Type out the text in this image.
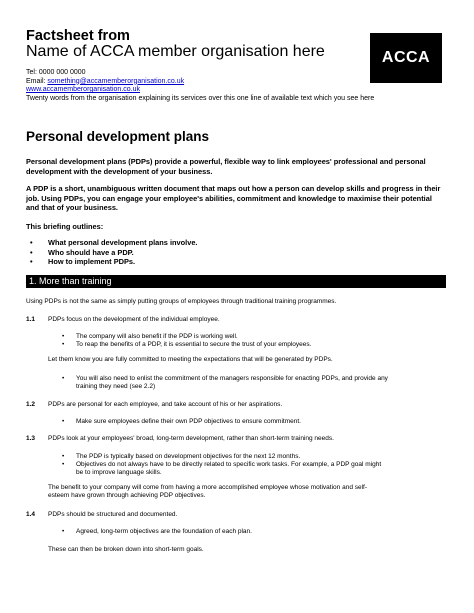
Factsheet from
Name of ACCA member organisation here	ACCA
Tel: 0000 000 0000
Email: something@accamemberorganisation.co.uk
www.accamemberorganisation.co.uk
Twenty words from the organisation explaining its services over this one line of available text which you see here
Personal development plans
Personal development plans (PDPs) provide a powerful, flexible way to link employees' professional and personal development with the development of your business.
A PDP is a short, unambiguous written document that maps out how a person can develop skills and progress in their job. Using PDPs, you can engage your employee's abilities, commitment and knowledge to maximise their potential and that of your business.
This briefing outlines:
•	What personal development plans involve.
•	Who should have a PDP.
•	How to implement PDPs.
1. More than training
Using PDPs is not the same as simply putting groups of employees through traditional training programmes.
1.1 PDPs focus on the development of the individual employee.
•	The company will also benefit if the PDP is working well.
•	To reap the benefits of a PDP, it is essential to secure the trust of your employees.
Let them know you are fully committed to meeting the expectations that will be generated by PDPs.
•	You will also need to enlist the commitment of the managers responsible for enacting PDPs, and provide any
training they need (see 2.2)
1.2 PDPs are personal for each employee, and take account of his or her aspirations.
•	Make sure employees define their own PDP objectives to ensure commitment.
1.3 PDPs look at your employees' broad, long-term development, rather than short-term training needs.
•	The PDP is typically based on development objectives for the next 12 months.
•	Objectives do not always have to be directly related to specific work tasks. For example, a PDP goal might
be to improve language skills.
The benefit to your company will come from having a more accomplished employee whose motivation and self-
esteem have grown through achieving PDP objectives.
1.4 PDPs should be structured and documented.
•	Agreed, long-term objectives are the foundation of each plan.
These can then be broken down into short-term goals.
